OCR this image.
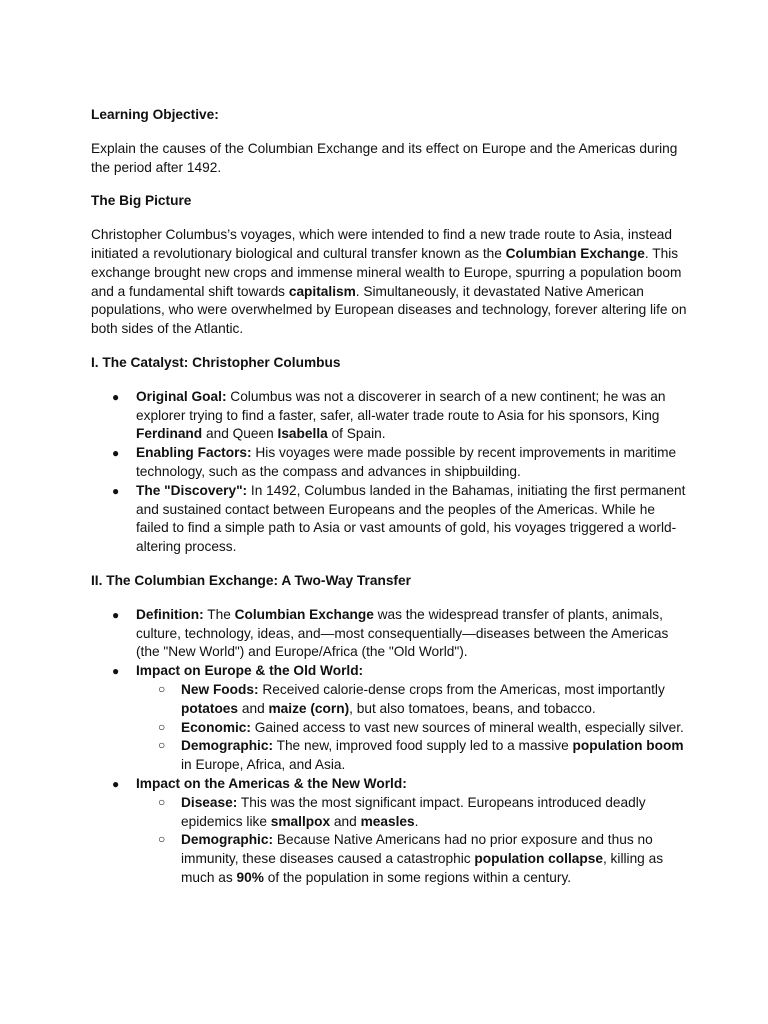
Learning Objective:

Explain the causes of the Columbian Exchange and its effect on Europe and the Americas during the period after 1492.

The Big Picture

Christopher Columbus’s voyages, which were intended to find a new trade route to Asia, instead initiated a revolutionary biological and cultural transfer known as the Columbian Exchange. This exchange brought new crops and immense mineral wealth to Europe, spurring a population boom and a fundamental shift towards capitalism. Simultaneously, it devastated Native American populations, who were overwhelmed by European diseases and technology, forever altering life on both sides of the Atlantic.

I. The Catalyst: Christopher Columbus

● Original Goal: Columbus was not a discoverer in search of a new continent; he was an explorer trying to find a faster, safer, all-water trade route to Asia for his sponsors, King Ferdinand and Queen Isabella of Spain.
● Enabling Factors: His voyages were made possible by recent improvements in maritime technology, such as the compass and advances in shipbuilding.
● The "Discovery": In 1492, Columbus landed in the Bahamas, initiating the first permanent and sustained contact between Europeans and the peoples of the Americas. While he failed to find a simple path to Asia or vast amounts of gold, his voyages triggered a world-altering process.

II. The Columbian Exchange: A Two-Way Transfer

● Definition: The Columbian Exchange was the widespread transfer of plants, animals, culture, technology, ideas, and—most consequentially—diseases between the Americas (the "New World") and Europe/Africa (the "Old World").
● Impact on Europe & the Old World:
○ New Foods: Received calorie-dense crops from the Americas, most importantly potatoes and maize (corn), but also tomatoes, beans, and tobacco.
○ Economic: Gained access to vast new sources of mineral wealth, especially silver.
○ Demographic: The new, improved food supply led to a massive population boom in Europe, Africa, and Asia.
● Impact on the Americas & the New World:
○ Disease: This was the most significant impact. Europeans introduced deadly epidemics like smallpox and measles.
○ Demographic: Because Native Americans had no prior exposure and thus no immunity, these diseases caused a catastrophic population collapse, killing as much as 90% of the population in some regions within a century.
